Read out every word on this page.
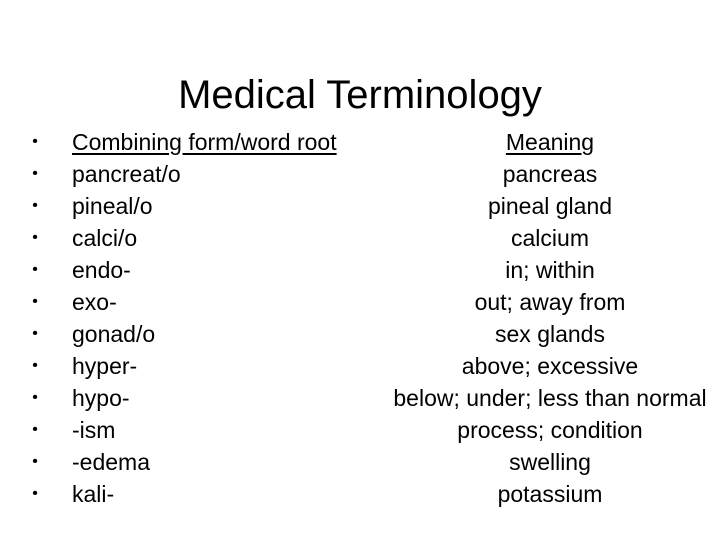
Medical Terminology
• Combining form/word root	Meaning
• pancreat/o	pancreas
• pineal/o	pineal gland
• calci/o	calcium
• endo-	in; within
• exo-	out; away from
• gonad/o	sex glands
• hyper-	above; excessive
• hypo-	below; under; less than normal
• -ism	process; condition
• -edema	swelling
• kali-	potassium
